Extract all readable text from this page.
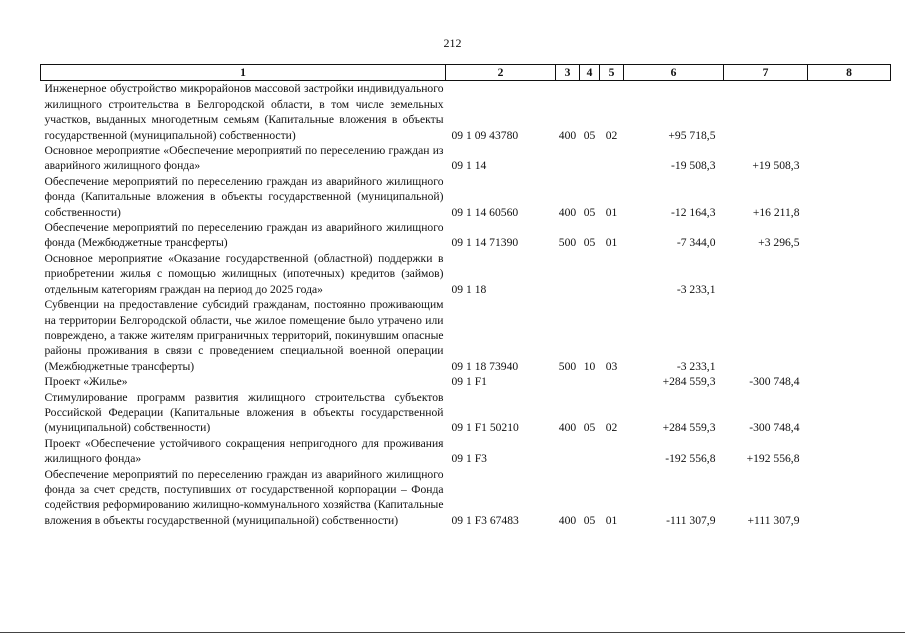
212
1	2	3	4	5	6	7	8
Инженерное обустройство микрорайонов массовой застройки индивидуального жилищного строительства в Белгородской области, в том числе земельных участков, выданных многодетным семьям (Капитальные вложения в объекты государственной (муниципальной) собственности)	09 1 09 43780	400	05	02	+95 718,5		
Основное мероприятие «Обеспечение мероприятий по переселению граждан из аварийного жилищного фонда»	09 1 14				-19 508,3	+19 508,3	
Обеспечение мероприятий по переселению граждан из аварийного жилищного фонда (Капитальные вложения в объекты государственной (муниципальной) собственности)	09 1 14 60560	400	05	01	-12 164,3	+16 211,8	
Обеспечение мероприятий по переселению граждан из аварийного жилищного фонда (Межбюджетные трансферты)	09 1 14 71390	500	05	01	-7 344,0	+3 296,5	
Основное мероприятие «Оказание государственной (областной) поддержки в приобретении жилья с помощью жилищных (ипотечных) кредитов (займов) отдельным категориям граждан на период до 2025 года»	09 1 18				-3 233,1		
Субвенции на предоставление субсидий гражданам, постоянно проживающим на территории Белгородской области, чье жилое помещение было утрачено или повреждено, а также жителям приграничных территорий, покинувшим опасные районы проживания в связи с проведением специальной военной операции (Межбюджетные трансферты)	09 1 18 73940	500	10	03	-3 233,1		
Проект «Жилье»	09 1 F1				+284 559,3	-300 748,4	
Стимулирование программ развития жилищного строительства субъектов Российской Федерации (Капитальные вложения в объекты государственной (муниципальной) собственности)	09 1 F1 50210	400	05	02	+284 559,3	-300 748,4	
Проект «Обеспечение устойчивого сокращения непригодного для проживания жилищного фонда»	09 1 F3				-192 556,8	+192 556,8	
Обеспечение мероприятий по переселению граждан из аварийного жилищного фонда за счет средств, поступивших от государственной корпорации – Фонда содействия реформированию жилищно-коммунального хозяйства (Капитальные вложения в объекты государственной (муниципальной) собственности)	09 1 F3 67483	400	05	01	-111 307,9	+111 307,9	
